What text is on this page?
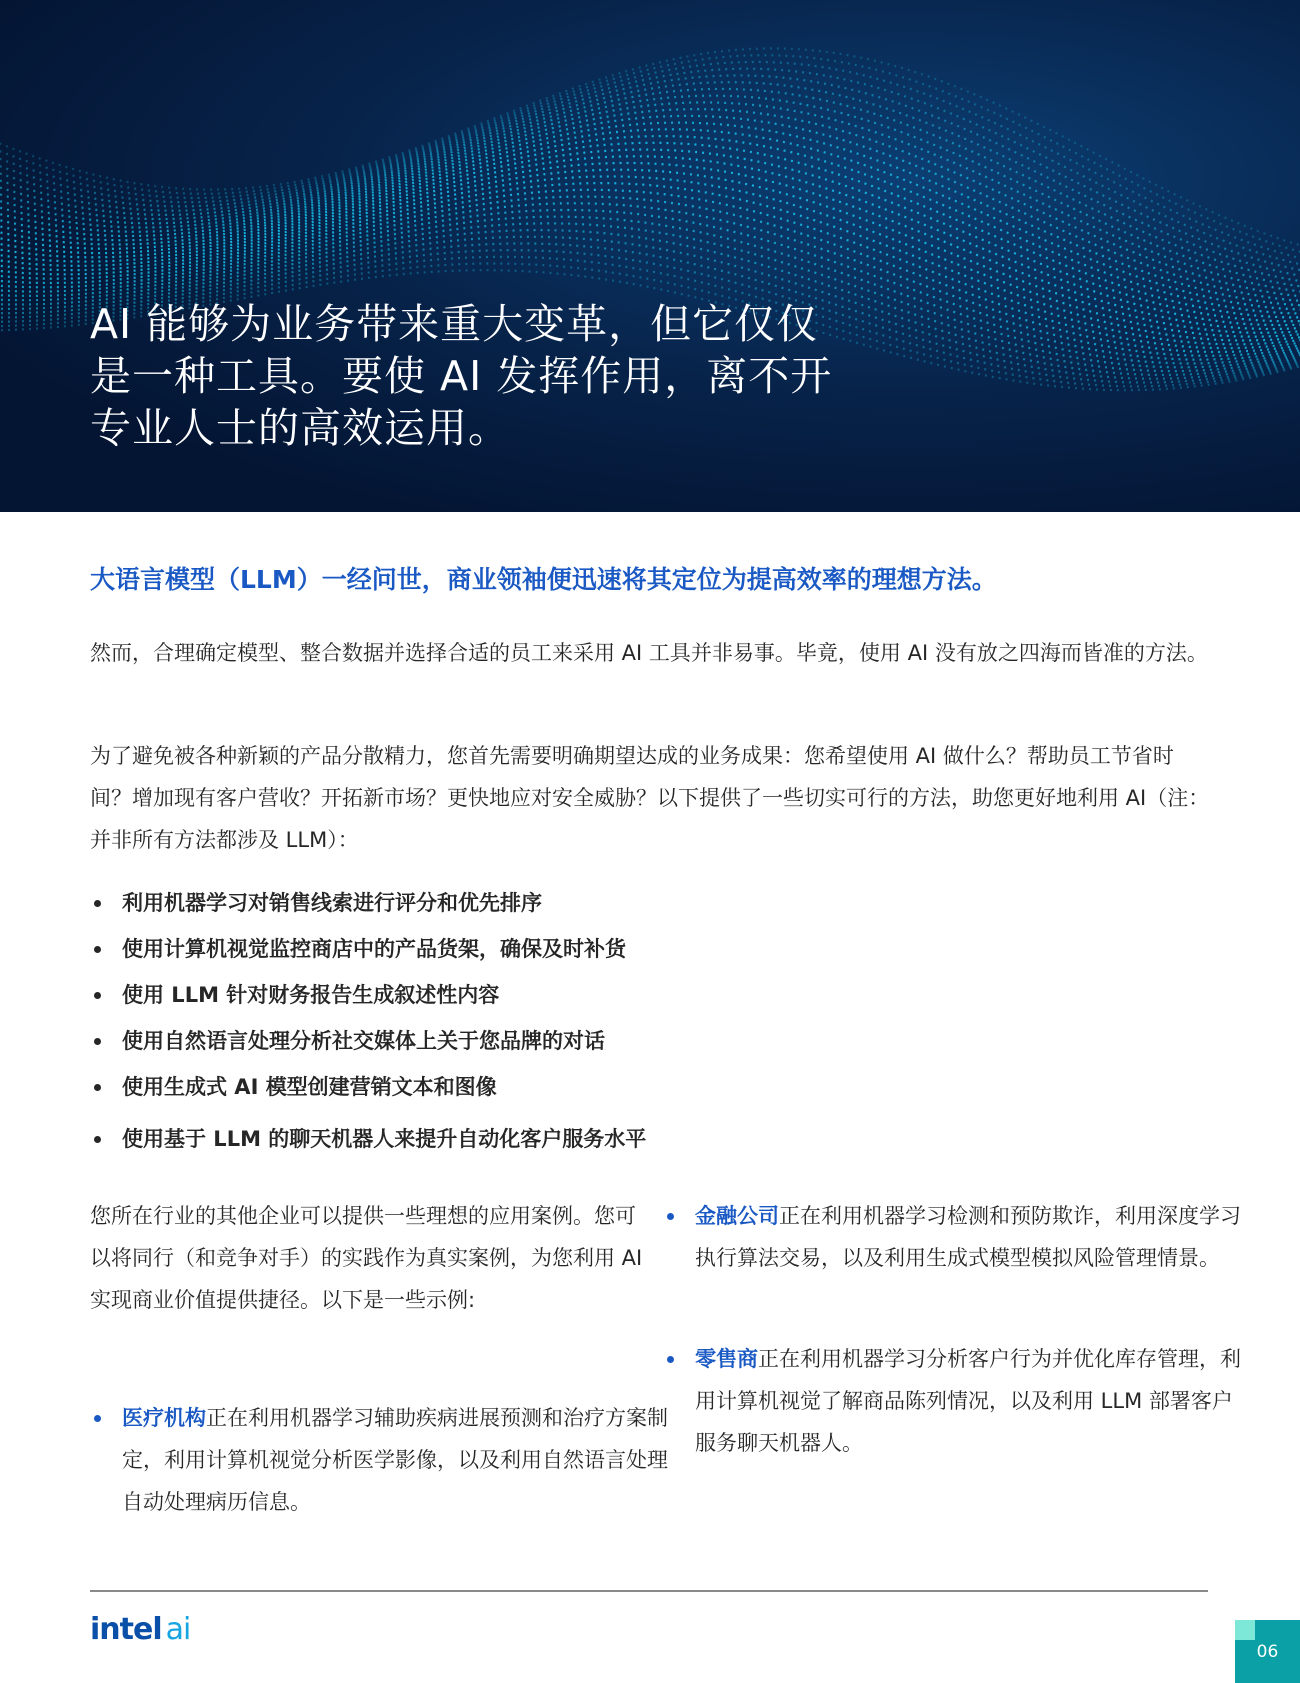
AI 能够为业务带来重大变革，但它仅仅
是一种工具。要使 AI 发挥作用，离不开
专业人士的高效运用。

大语言模型（LLM）一经问世，商业领袖便迅速将其定位为提高效率的理想方法。

然而，合理确定模型、整合数据并选择合适的员工来采用 AI 工具并非易事。毕竟，使用 AI 没有放之四海而皆准的方法。

为了避免被各种新颖的产品分散精力，您首先需要明确期望达成的业务成果：您希望使用 AI 做什么？帮助员工节省时间？增加现有客户营收？开拓新市场？更快地应对安全威胁？以下提供了一些切实可行的方法，助您更好地利用 AI（注：并非所有方法都涉及 LLM）：

利用机器学习对销售线索进行评分和优先排序
使用计算机视觉监控商店中的产品货架，确保及时补货
使用 LLM 针对财务报告生成叙述性内容
使用自然语言处理分析社交媒体上关于您品牌的对话
使用生成式 AI 模型创建营销文本和图像
使用基于 LLM 的聊天机器人来提升自动化客户服务水平

您所在行业的其他企业可以提供一些理想的应用案例。您可以将同行（和竞争对手）的实践作为真实案例，为您利用 AI 实现商业价值提供捷径。以下是一些示例:

医疗机构正在利用机器学习辅助疾病进展预测和治疗方案制定，利用计算机视觉分析医学影像，以及利用自然语言处理自动处理病历信息。

金融公司正在利用机器学习检测和预防欺诈，利用深度学习执行算法交易，以及利用生成式模型模拟风险管理情景。

零售商正在利用机器学习分析客户行为并优化库存管理，利用计算机视觉了解商品陈列情况，以及利用 LLM 部署客户服务聊天机器人。

intel ai
06
